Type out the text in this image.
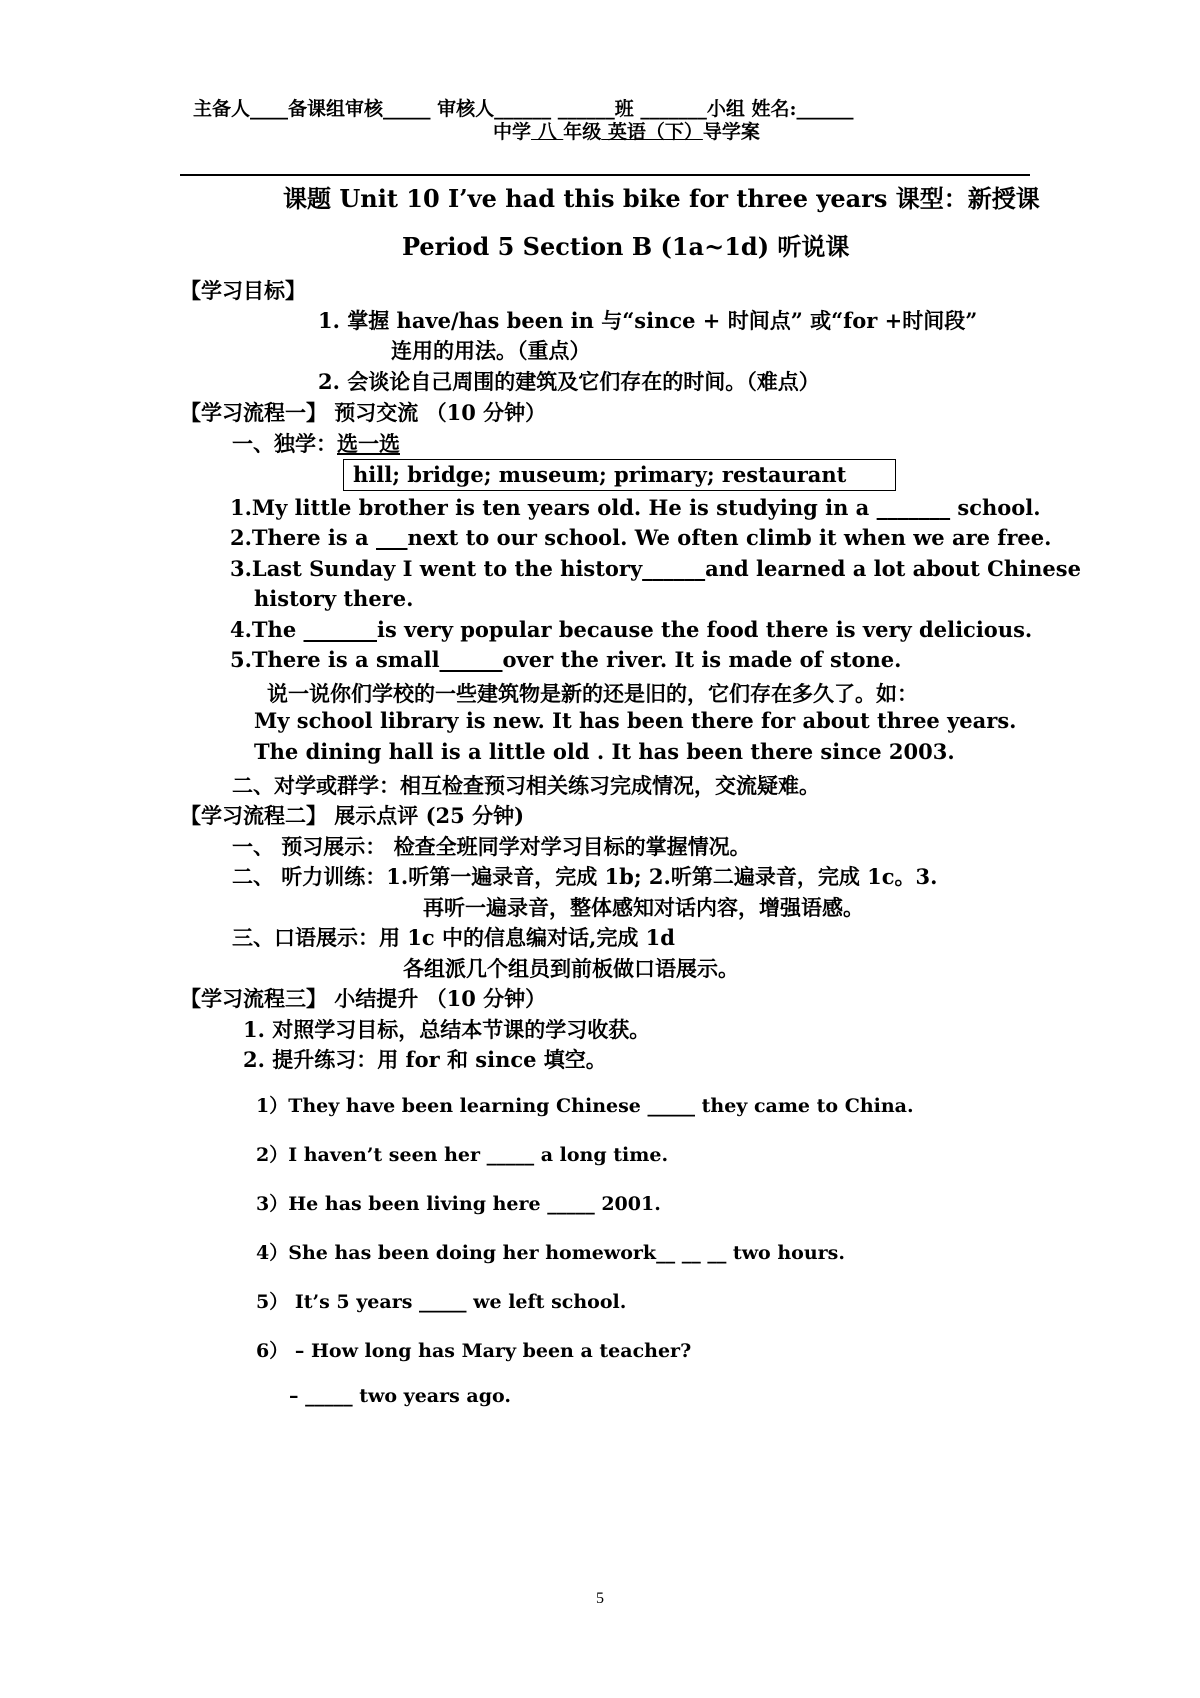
主备人____备课组审核_____ 审核人______ ______班 _______小组 姓名:______
中学 八 年级 英语（下）导学案
课题 Unit 10 I’ve had this bike for three years 课型：新授课
Period 5 Section B (1a~1d) 听说课
【学习目标】
1. 掌握 have/has been in 与“since + 时间点” 或“for +时间段”
连用的用法。（重点）
2. 会谈论自己周围的建筑及它们存在的时间。（难点）
【学习流程一】 预习交流 （10 分钟）
一、独学：选一选
hill; bridge; museum; primary; restaurant
1.My little brother is ten years old. He is studying in a _______ school.
2.There is a ___next to our school. We often climb it when we are free.
3.Last Sunday I went to the history______and learned a lot about Chinese
history there.
4.The _______is very popular because the food there is very delicious.
5.There is a small______over the river. It is made of stone.
说一说你们学校的一些建筑物是新的还是旧的，它们存在多久了。如：
My school library is new. It has been there for about three years.
The dining hall is a little old . It has been there since 2003.
二、对学或群学：相互检查预习相关练习完成情况，交流疑难。
【学习流程二】 展示点评 (25 分钟)
一、 预习展示： 检查全班同学对学习目标的掌握情况。
二、 听力训练：1.听第一遍录音，完成 1b; 2.听第二遍录音，完成 1c。3.
再听一遍录音，整体感知对话内容，增强语感。
三、口语展示：用 1c 中的信息编对话,完成 1d
各组派几个组员到前板做口语展示。
【学习流程三】 小结提升 （10 分钟）
1. 对照学习目标，总结本节课的学习收获。
2. 提升练习：用 for 和 since 填空。
1）They have been learning Chinese _____ they came to China.
2）I haven’t seen her _____ a long time.
3）He has been living here _____ 2001.
4）She has been doing her homework__ __ __ two hours.
5） It’s 5 years _____ we left school.
6） – How long has Mary been a teacher?
– _____ two years ago.
5
